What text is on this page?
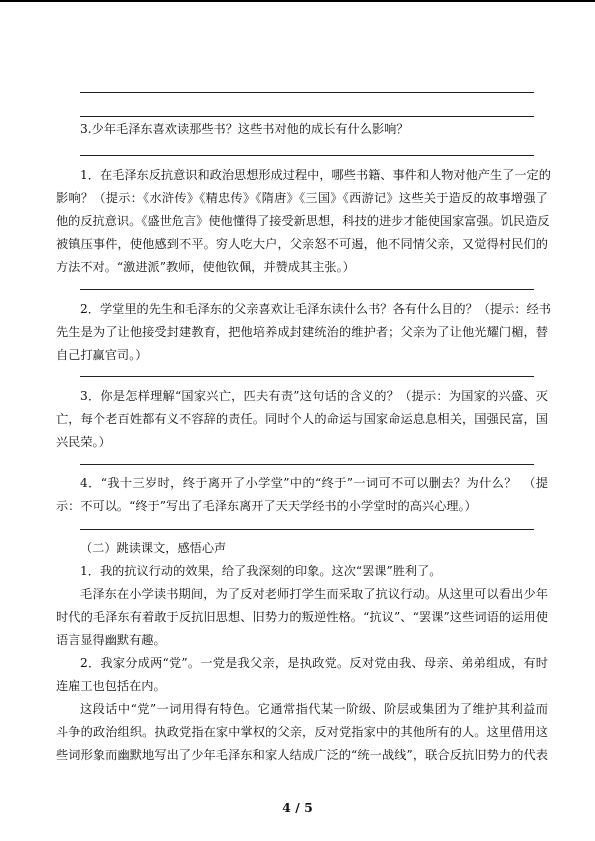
3.少年毛泽东喜欢读那些书？这些书对他的成长有什么影响？
1．在毛泽东反抗意识和政治思想形成过程中，哪些书籍、事件和人物对他产生了一定的
影响？（提示：《水浒传》《精忠传》《隋唐》《三国》《西游记》这些关于造反的故事增强了
他的反抗意识。《盛世危言》使他懂得了接受新思想，科技的进步才能使国家富强。饥民造反
被镇压事件，使他感到不平。穷人吃大户，父亲怒不可遏，他不同情父亲，又觉得村民们的
方法不对。“激进派”教师，使他钦佩，并赞成其主张。）
2．学堂里的先生和毛泽东的父亲喜欢让毛泽东读什么书？各有什么目的？（提示：经书
先生是为了让他接受封建教育，把他培养成封建统治的维护者；父亲为了让他光耀门楣，替
自己打赢官司。）
3．你是怎样理解“国家兴亡，匹夫有责”这句话的含义的？（提示：为国家的兴盛、灭
亡，每个老百姓都有义不容辞的责任。同时个人的命运与国家命运息息相关，国强民富，国
兴民荣。）
4．“我十三岁时，终于离开了小学堂”中的“终于”一词可不可以删去？为什么？　（提
示：不可以。“终于”写出了毛泽东离开了天天学经书的小学堂时的高兴心理。）
（二）跳读课文，感悟心声
1．我的抗议行动的效果，给了我深刻的印象。这次“罢课”胜利了。
毛泽东在小学读书期间，为了反对老师打学生而采取了抗议行动。从这里可以看出少年
时代的毛泽东有着敢于反抗旧思想、旧势力的叛逆性格。“抗议”、“罢课”这些词语的运用使
语言显得幽默有趣。
2．我家分成两“党”。一党是我父亲，是执政党。反对党由我、母亲、弟弟组成，有时
连雇工也包括在内。
这段话中“党”一词用得有特色。它通常指代某一阶级、阶层或集团为了维护其利益而
斗争的政治组织。执政党指在家中掌权的父亲，反对党指家中的其他所有的人。这里借用这
些词形象而幽默地写出了少年毛泽东和家人结成广泛的“统一战线”，联合反抗旧势力的代表
4 / 5
